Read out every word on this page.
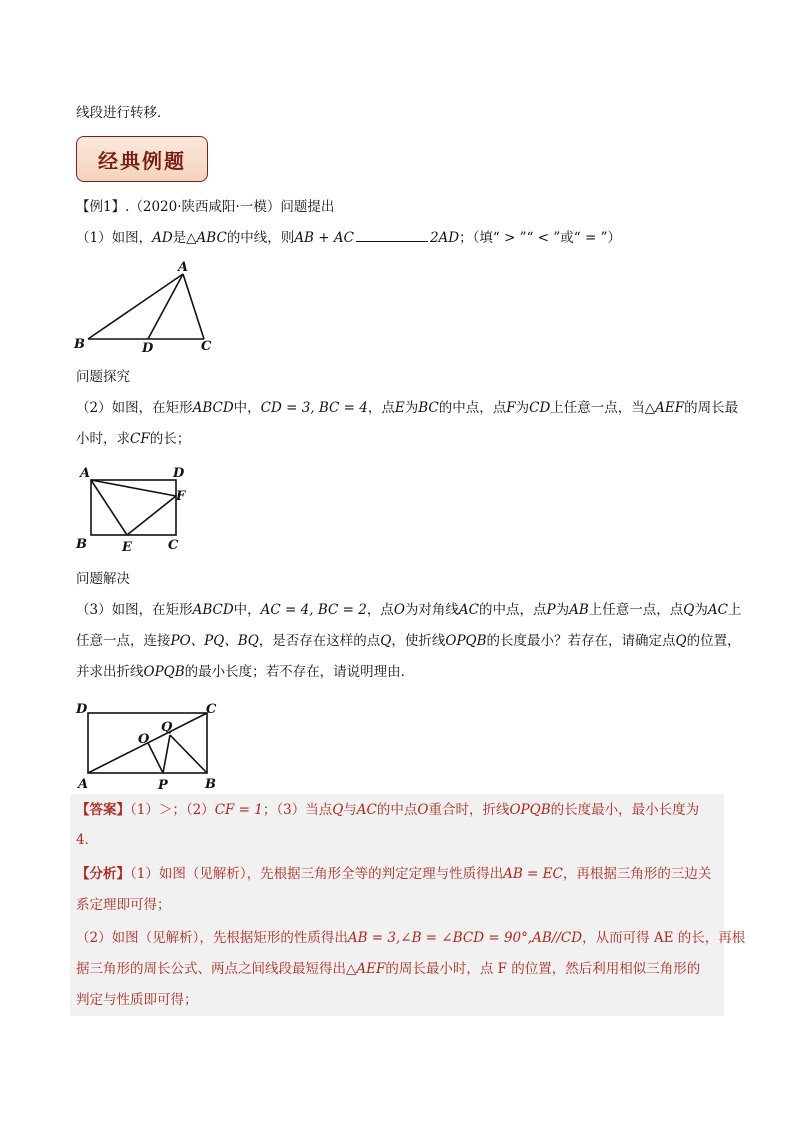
线段进行转移．
经典例题
【例1】.（2020·陕西咸阳·一模）问题提出
（1）如图，AD是△ABC的中线，则AB + AC	2AD；（填“ > ”“ < ”或“ = ”）
A
B	D	C
问题探究
（2）如图，在矩形ABCD中，CD = 3, BC = 4，点E为BC的中点，点F为CD上任意一点，当△AEF的周长最
小时，求CF的长；
A	D
F
B	E	C
问题解决
（3）如图，在矩形ABCD中，AC = 4, BC = 2，点O为对角线AC的中点，点P为AB上任意一点，点Q为AC上
任意一点，连接PO、PQ、BQ，是否存在这样的点Q，使折线OPQB的长度最小？若存在，请确定点Q的位置，
并求出折线OPQB的最小长度；若不存在，请说明理由．
D	C
Q
O
A	P	B
【答案】（1）＞；（2）CF = 1；（3）当点Q与AC的中点O重合时，折线OPQB的长度最小，最小长度为
4．
【分析】（1）如图（见解析），先根据三角形全等的判定定理与性质得出AB = EC，再根据三角形的三边关
系定理即可得；
（2）如图（见解析），先根据矩形的性质得出AB = 3,∠B = ∠BCD = 90°,AB//CD，从而可得 AE 的长，再根
据三角形的周长公式、两点之间线段最短得出△AEF的周长最小时，点 F 的位置，然后利用相似三角形的
判定与性质即可得；
